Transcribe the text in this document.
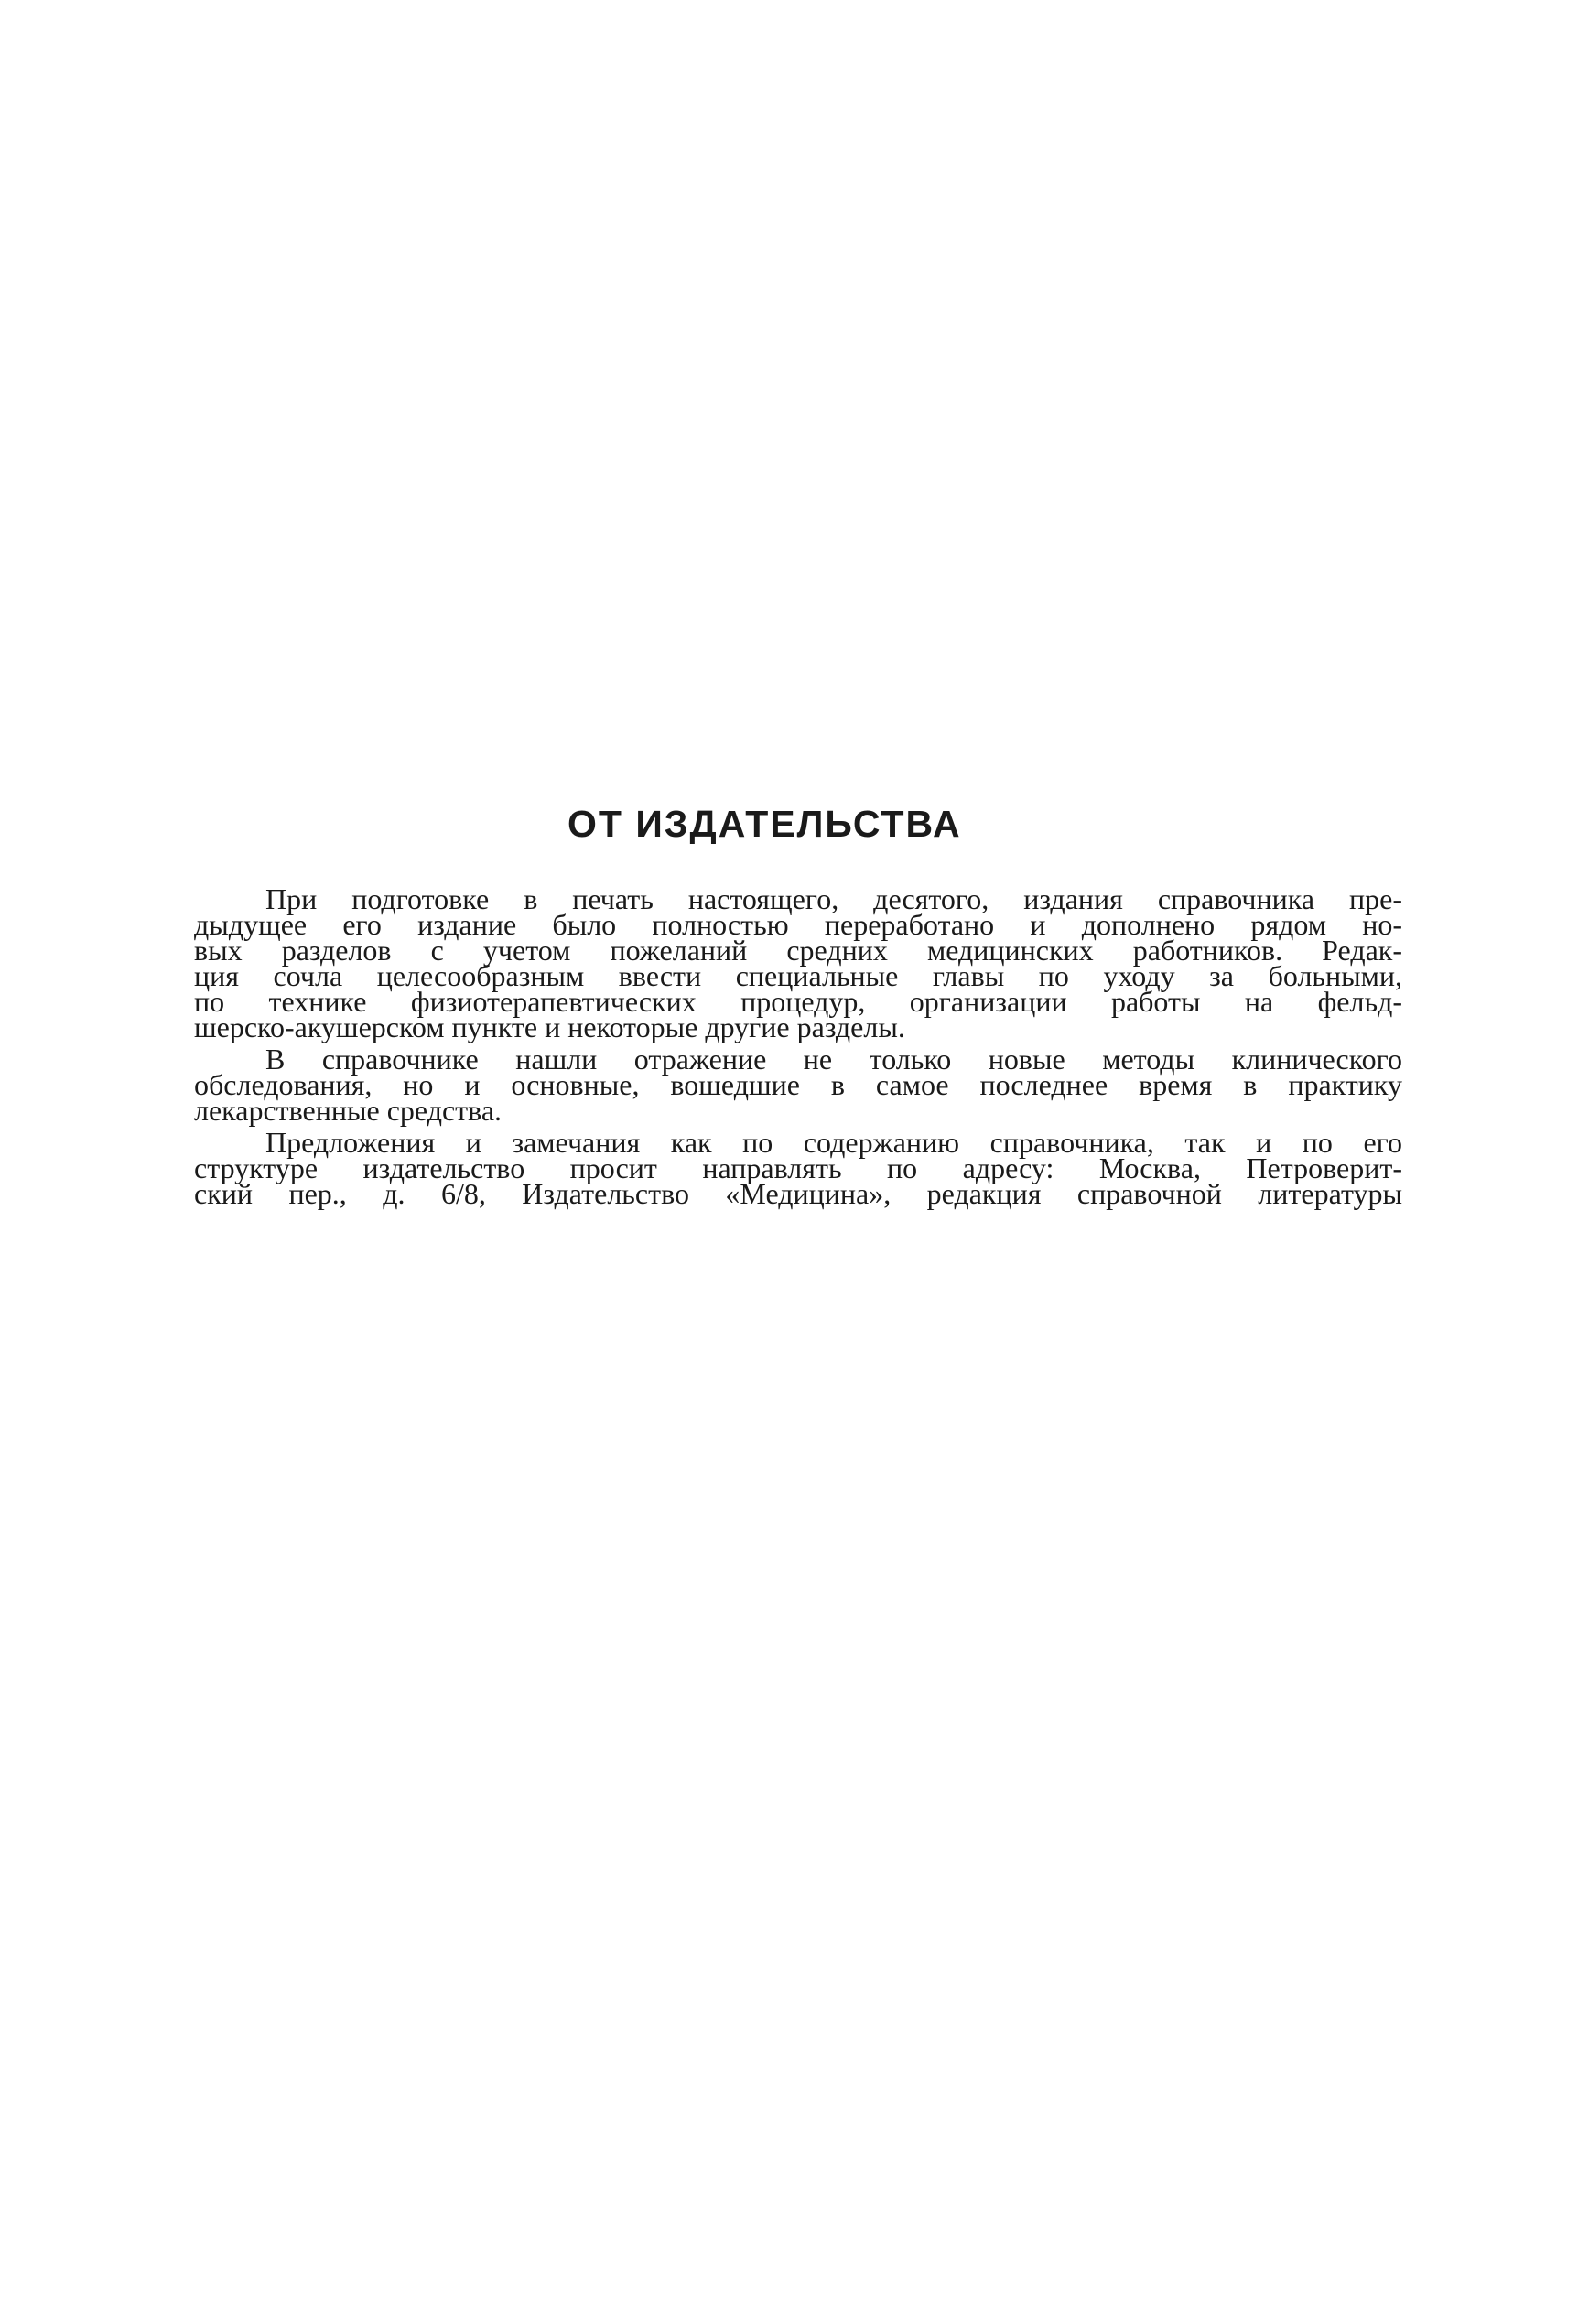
ОТ ИЗДАТЕЛЬСТВА
При подготовке в печать настоящего, десятого, издания справочника пре-
дыдущее его издание было полностью переработано и дополнено рядом но-
вых разделов с учетом пожеланий средних медицинских работников. Редак-
ция сочла целесообразным ввести специальные главы по уходу за больными,
по технике физиотерапевтических процедур, организации работы на фельд-
шерско-акушерском пункте и некоторые другие разделы.
В справочнике нашли отражение не только новые методы клинического
обследования, но и основные, вошедшие в самое последнее время в практику
лекарственные средства.
Предложения и замечания как по содержанию справочника, так и по его
структуре издательство просит направлять по адресу: Москва, Петроверит-
ский пер., д. 6/8, Издательство «Медицина», редакция справочной литературы
